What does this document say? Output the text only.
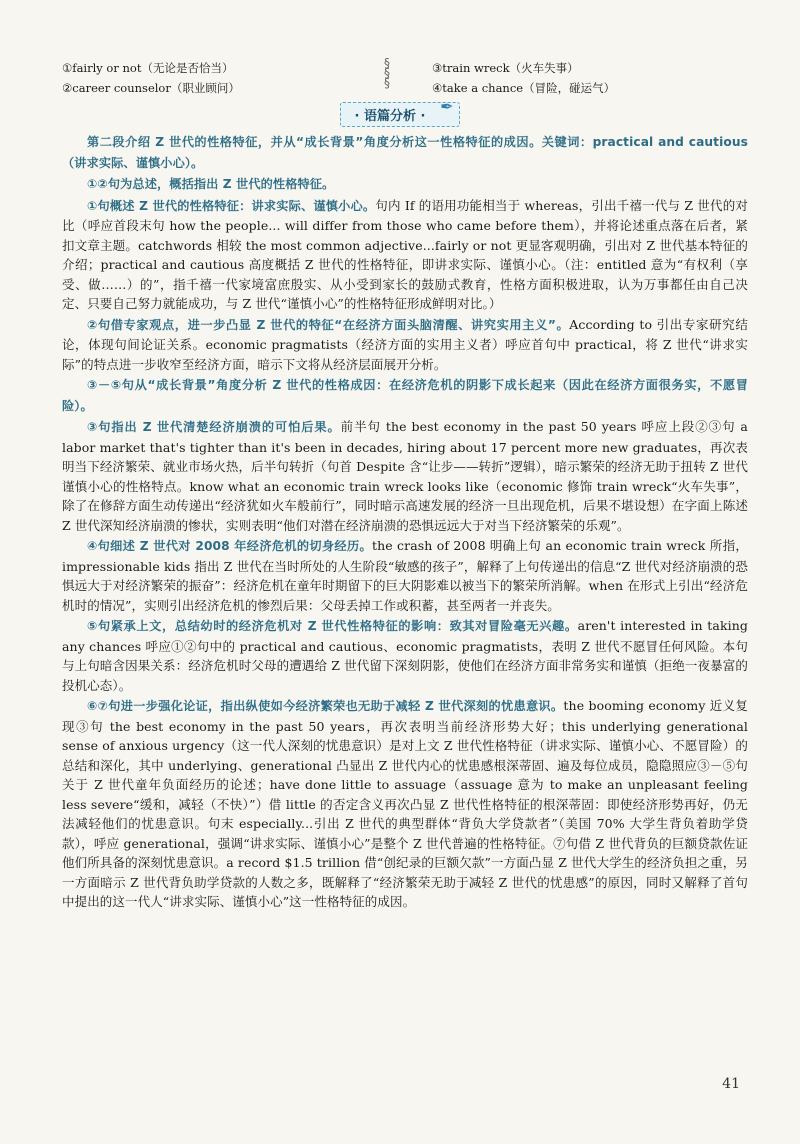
①fairly or not（无论是否恰当）	③train wreck（火车失事）
②career counselor（职业顾问）	④take a chance（冒险，碰运气）
§
§
§
· 语篇分析 ·
✒

第二段介绍 Z 世代的性格特征，并从“成长背景”角度分析这一性格特征的成因。关键词：practical and cautious（讲求实际、谨慎小心）。

①②句为总述，概括指出 Z 世代的性格特征。

①句概述 Z 世代的性格特征：讲求实际、谨慎小心。句内 If 的语用功能相当于 whereas，引出千禧一代与 Z 世代的对比（呼应首段末句 how the people... will differ from those who came before them），并将论述重点落在后者，紧扣文章主题。catchwords 相较 the most common adjective...fairly or not 更显客观明确，引出对 Z 世代基本特征的介绍；practical and cautious 高度概括 Z 世代的性格特征，即讲求实际、谨慎小心。（注：entitled 意为“有权利（享受、做……）的”，指千禧一代家境富庶殷实、从小受到家长的鼓励式教育，性格方面积极进取，认为万事都任由自己决定、只要自己努力就能成功，与 Z 世代“谨慎小心”的性格特征形成鲜明对比。）

②句借专家观点，进一步凸显 Z 世代的特征“在经济方面头脑清醒、讲究实用主义”。According to 引出专家研究结论，体现句间论证关系。economic pragmatists（经济方面的实用主义者）呼应首句中 practical，将 Z 世代“讲求实际”的特点进一步收窄至经济方面，暗示下文将从经济层面展开分析。

③－⑤句从“成长背景”角度分析 Z 世代的性格成因：在经济危机的阴影下成长起来（因此在经济方面很务实，不愿冒险）。

③句指出 Z 世代清楚经济崩溃的可怕后果。前半句 the best economy in the past 50 years 呼应上段②③句 a labor market that's tighter than it's been in decades, hiring about 17 percent more new graduates，再次表明当下经济繁荣、就业市场火热，后半句转折（句首 Despite 含“让步——转折”逻辑），暗示繁荣的经济无助于扭转 Z 世代谨慎小心的性格特点。know what an economic train wreck looks like（economic 修饰 train wreck“火车失事”，除了在修辞方面生动传递出“经济犹如火车般前行”，同时暗示高速发展的经济一旦出现危机，后果不堪设想）在字面上陈述 Z 世代深知经济崩溃的惨状，实则表明“他们对潜在经济崩溃的恐惧远远大于对当下经济繁荣的乐观”。

④句细述 Z 世代对 2008 年经济危机的切身经历。the crash of 2008 明确上句 an economic train wreck 所指，impressionable kids 指出 Z 世代在当时所处的人生阶段“敏感的孩子”，解释了上句传递出的信息“Z 世代对经济崩溃的恐惧远大于对经济繁荣的振奋”：经济危机在童年时期留下的巨大阴影难以被当下的繁荣所消解。when 在形式上引出“经济危机时的情况”，实则引出经济危机的惨烈后果：父母丢掉工作或积蓄，甚至两者一并丧失。

⑤句紧承上文，总结幼时的经济危机对 Z 世代性格特征的影响：致其对冒险毫无兴趣。aren't interested in taking any chances 呼应①②句中的 practical and cautious、economic pragmatists，表明 Z 世代不愿冒任何风险。本句与上句暗含因果关系：经济危机时父母的遭遇给 Z 世代留下深刻阴影，使他们在经济方面非常务实和谨慎（拒绝一夜暴富的投机心态）。

⑥⑦句进一步强化论证，指出纵使如今经济繁荣也无助于减轻 Z 世代深刻的忧患意识。the booming economy 近义复现③句 the best economy in the past 50 years，再次表明当前经济形势大好；this underlying generational sense of anxious urgency（这一代人深刻的忧患意识）是对上文 Z 世代性格特征（讲求实际、谨慎小心、不愿冒险）的总结和深化，其中 underlying、generational 凸显出 Z 世代内心的忧患感根深蒂固、遍及每位成员，隐隐照应③－⑤句关于 Z 世代童年负面经历的论述；have done little to assuage（assuage 意为 to make an unpleasant feeling less severe“缓和，减轻（不快）”）借 little 的否定含义再次凸显 Z 世代性格特征的根深蒂固：即使经济形势再好，仍无法减轻他们的忧患意识。句末 especially...引出 Z 世代的典型群体“背负大学贷款者”（美国 70% 大学生背负着助学贷款），呼应 generational，强调“讲求实际、谨慎小心”是整个 Z 世代普遍的性格特征。⑦句借 Z 世代背负的巨额贷款佐证他们所具备的深刻忧患意识。a record $1.5 trillion 借“创纪录的巨额欠款”一方面凸显 Z 世代大学生的经济负担之重，另一方面暗示 Z 世代背负助学贷款的人数之多，既解释了“经济繁荣无助于减轻 Z 世代的忧患感”的原因，同时又解释了首句中提出的这一代人“讲求实际、谨慎小心”这一性格特征的成因。

41
